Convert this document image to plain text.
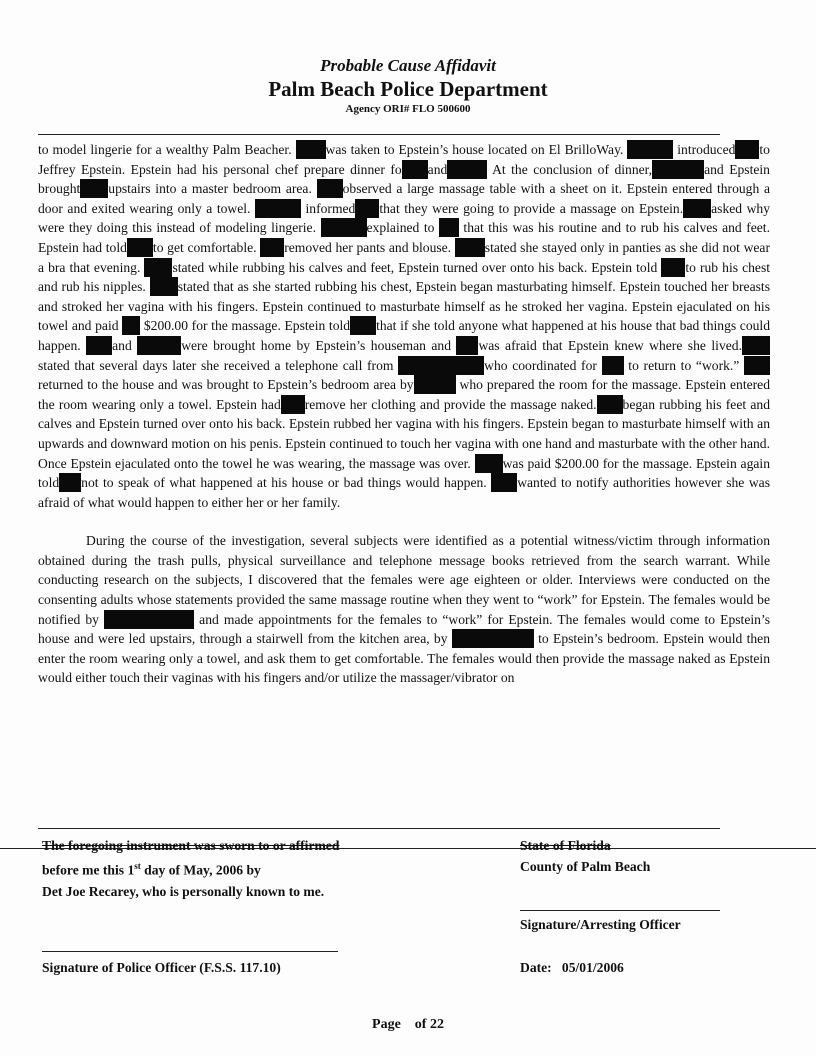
Probable Cause Affidavit

Palm Beach Police Department

Agency ORI# FLO 500600

to model lingerie for a wealthy Palm Beacher. was taken to Epstein’s house located on El BrilloWay.	introduced to Jeffrey Epstein. Epstein had his personal chef prepare dinner fo and	At the conclusion of dinner,	and Epstein brought upstairs into a master bedroom area. observed a large massage table with a sheet on it. Epstein entered through a door and exited wearing only a towel.	informed that they were going to provide a massage on Epstein. asked why were they doing this instead of modeling lingerie.	explained to that this was his routine and to rub his calves and feet. Epstein had told to get comfortable. removed her pants and blouse. stated she stayed only in panties as she did not wear a bra that evening. stated while rubbing his calves and feet, Epstein turned over onto his back. Epstein told to rub his chest and rub his nipples. stated that as she started rubbing his chest, Epstein began masturbating himself. Epstein touched her breasts and stroked her vagina with his fingers. Epstein continued to masturbate himself as he stroked her vagina. Epstein ejaculated on his towel and paid $200.00 for the massage. Epstein told that if she told anyone what happened at his house that bad things could happen. and	were brought home by Epstein’s houseman and was afraid that Epstein knew where she lived. stated that several days later she received a telephone call from	who coordinated for to return to “work.” returned to the house and was brought to Epstein’s bedroom area by	who prepared the room for the massage. Epstein entered the room wearing only a towel. Epstein had remove her clothing and provide the massage naked. began rubbing his feet and calves and Epstein turned over onto his back. Epstein rubbed her vagina with his fingers. Epstein began to masturbate himself with an upwards and downward motion on his penis. Epstein continued to touch her vagina with one hand and masturbate with the other hand. Once Epstein ejaculated onto the towel he was wearing, the massage was over. was paid $200.00 for the massage. Epstein again told not to speak of what happened at his house or bad things would happen. wanted to notify authorities however she was afraid of what would happen to either her or her family.

During the course of the investigation, several subjects were identified as a potential witness/victim through information obtained during the trash pulls, physical surveillance and telephone message books retrieved from the search warrant. While conducting research on the subjects, I discovered that the females were age eighteen or older. Interviews were conducted on the consenting adults whose statements provided the same massage routine when they went to “work” for Epstein. The females would be notified by	and made appointments for the females to “work” for Epstein. The females would come to Epstein’s house and were led upstairs, through a stairwell from the kitchen area, by	to Epstein’s bedroom. Epstein would then enter the room wearing only a towel, and ask them to get comfortable. The females would then provide the massage naked as Epstein would either touch their vaginas with his fingers and/or utilize the massager/vibrator on

The foregoing instrument was sworn to or affirmed
before me this 1st day of May, 2006 by
Det Joe Recarey, who is personally known to me.
State of Florida
County of Palm Beach
Signature/Arresting Officer
Signature of Police Officer (F.S.S. 117.10)	Date: 05/01/2006
Page of 22
